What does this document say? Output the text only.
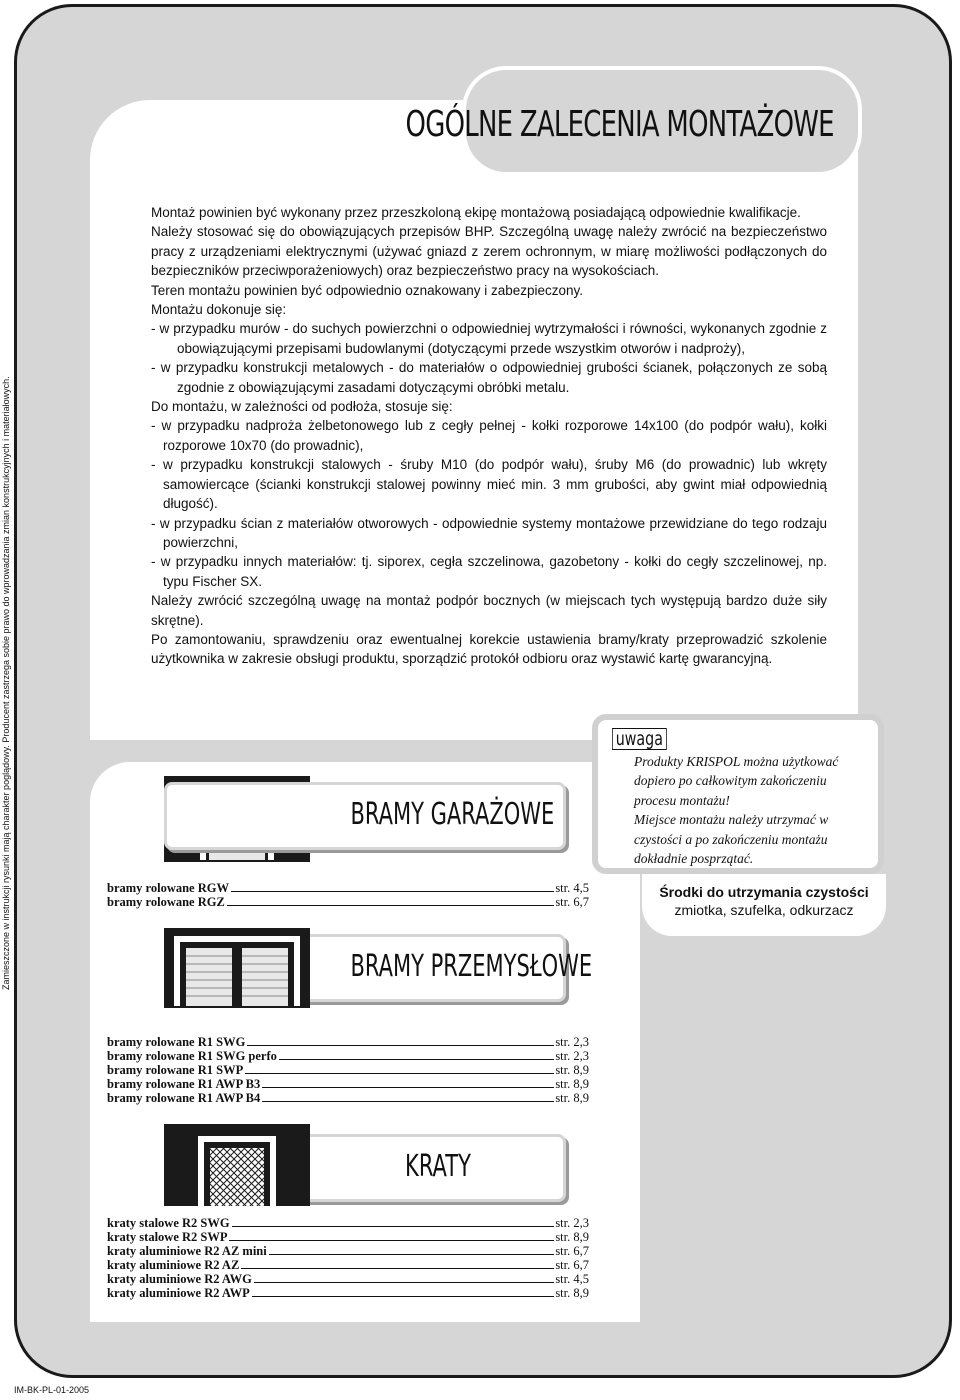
Zamieszczone w instrukcji rysunki mają charakter poglądowy. Producent zastrzega sobie prawo do wprowadzania zmian konstrukcyjnych i materiałowych.
IM-BK-PL-01-2005
OGÓLNE ZALECENIA MONTAŻOWE

Montaż powinien być wykonany przez przeszkoloną ekipę montażową posiadającą odpowiednie kwalifikacje.

Należy stosować się do obowiązujących przepisów BHP. Szczególną uwagę należy zwrócić na bezpieczeństwo pracy z urządzeniami elektrycznymi (używać gniazd z zerem ochronnym, w miarę możliwości podłączonych do bezpieczników przeciwporażeniowych) oraz bezpieczeństwo pracy na wysokościach.

Teren montażu powinien być odpowiednio oznakowany i zabezpieczony.

Montażu dokonuje się:

- w przypadku murów - do suchych powierzchni o odpowiedniej wytrzymałości i równości, wykonanych zgodnie z obowiązującymi przepisami budowlanymi (dotyczącymi przede wszystkim otworów i nadproży),

- w przypadku konstrukcji metalowych - do materiałów o odpowiedniej grubości ścianek, połączonych ze sobą zgodnie z obowiązującymi zasadami dotyczącymi obróbki metalu.

Do montażu, w zależności od podłoża, stosuje się:

- w przypadku nadproża żelbetonowego lub z cegły pełnej - kołki rozporowe 14x100 (do podpór wału), kołki rozporowe 10x70 (do prowadnic),

- w przypadku konstrukcji stalowych - śruby M10 (do podpór wału), śruby M6 (do prowadnic) lub wkręty samowiercące (ścianki konstrukcji stalowej powinny mieć min. 3 mm grubości, aby gwint miał odpowiednią długość).

- w przypadku ścian z materiałów otworowych - odpowiednie systemy montażowe przewidziane do tego rodzaju powierzchni,

- w przypadku innych materiałów: tj. siporex, cegła szczelinowa, gazobetony - kołki do cegły szczelinowej, np. typu Fischer SX.

Należy zwrócić szczególną uwagę na montaż podpór bocznych (w miejscach tych występują bardzo duże siły skrętne).

Po zamontowaniu, sprawdzeniu oraz ewentualnej korekcie ustawienia bramy/kraty przeprowadzić szkolenie użytkownika w zakresie obsługi produktu, sporządzić protokół odbioru oraz wystawić kartę gwarancyjną.

BRAMY GARAŻOWE
bramy rolowane RGW	str. 4,5
bramy rolowane RGZ	str. 6,7
BRAMY PRZEMYSŁOWE
bramy rolowane R1 SWG	str. 2,3
bramy rolowane R1 SWG perfo	str. 2,3
bramy rolowane R1 SWP	str. 8,9
bramy rolowane R1 AWP B3	str. 8,9
bramy rolowane R1 AWP B4	str. 8,9
KRATY
kraty stalowe R2 SWG	str. 2,3
kraty stalowe R2 SWP	str. 8,9
kraty aluminiowe R2 AZ mini	str. 6,7
kraty aluminiowe R2 AZ	str. 6,7
kraty aluminiowe R2 AWG	str. 4,5
kraty aluminiowe R2 AWP	str. 8,9
uwaga
Produkty KRISPOL można użytkować dopiero po całkowitym zakończeniu procesu montażu!
Miejsce montażu należy utrzymać w czystości a po zakończeniu montażu dokładnie posprzątać.
Środki do utrzymania czystości
zmiotka, szufelka, odkurzacz
